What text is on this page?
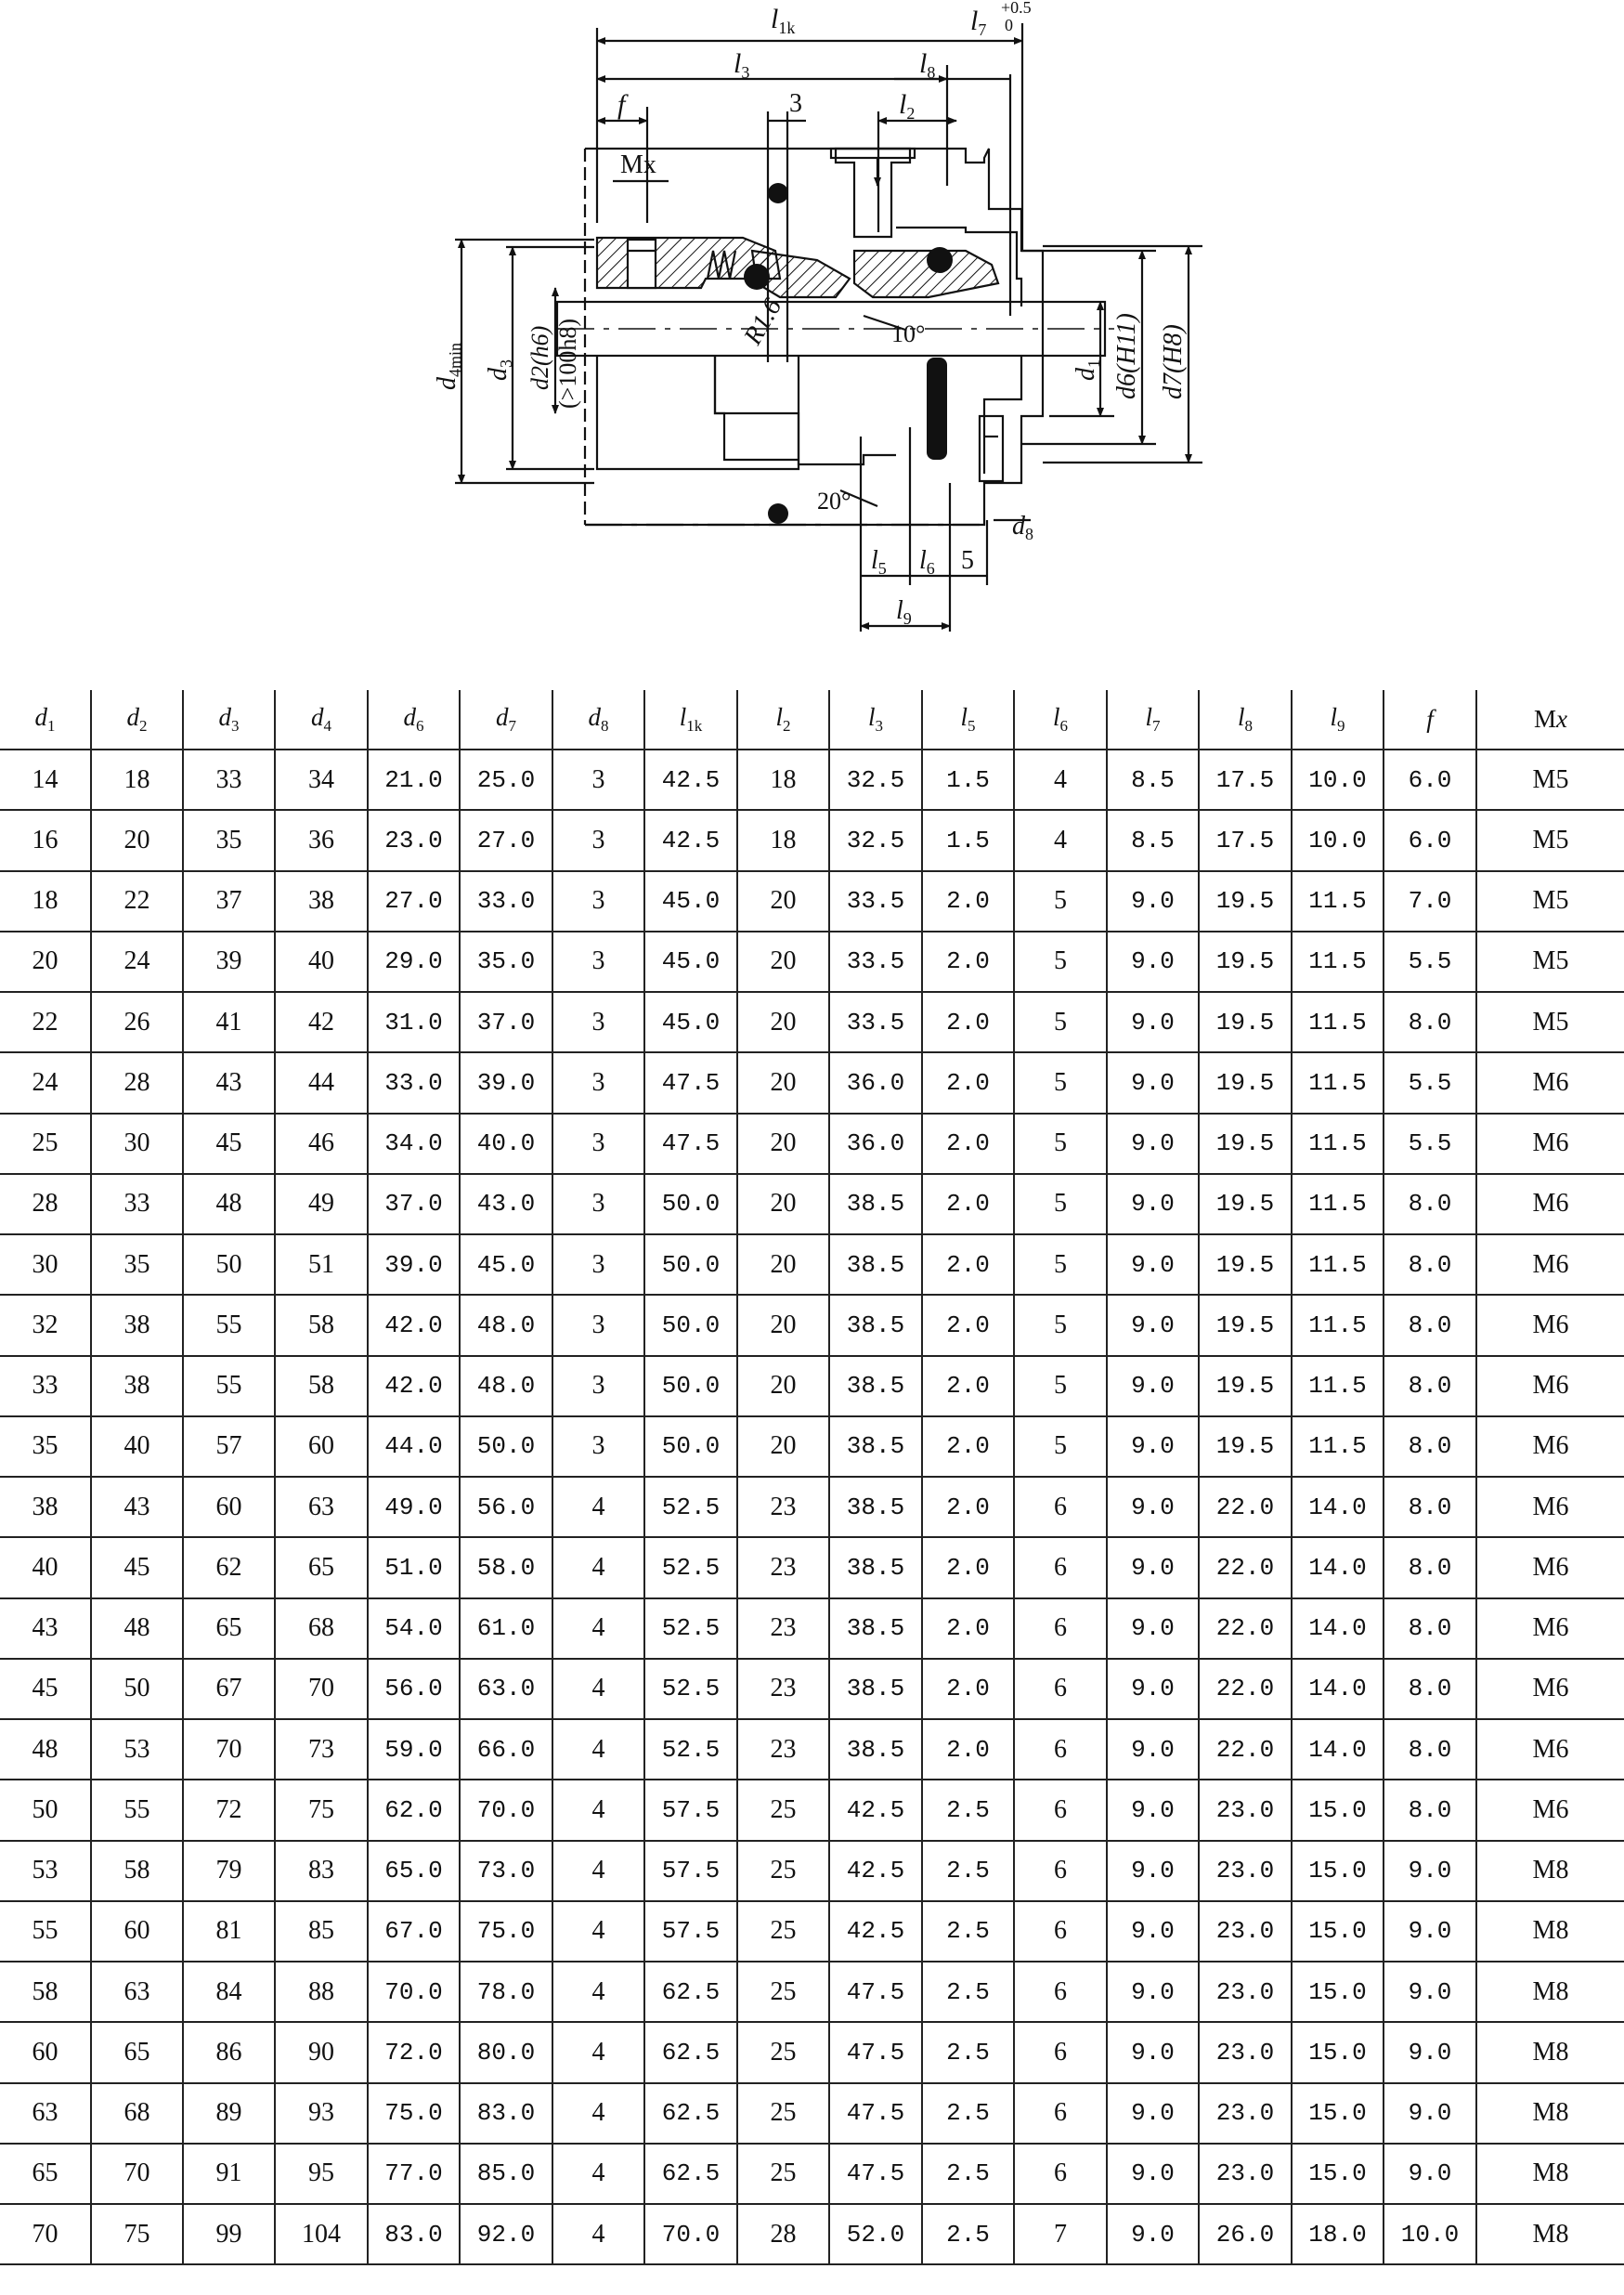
$l_{1k}$	$l_7$
+0.5
0
$l_3$	$l_8$
f	3	$l_2$
Mx
R1.6	10°
20°
$d_{4min}$ $d_3$ d2(h6) (>100h8)	$d_1$ d6(H11) d7(H8)
$d_8$
$l_5$ $l_6$ 5
$l_9$
$d_1$	$d_2$	$d_3$	$d_4$	$d_6$	$d_7$	$d_8$	$l_{1k}$	$l_2$	$l_3$	$l_5$	$l_6$	$l_7$	$l_8$	$l_9$	f	Mx
14	18	33	34	21.0	25.0	3	42.5	18	32.5	1.5	4	8.5	17.5	10.0	6.0	M5
16	20	35	36	23.0	27.0	3	42.5	18	32.5	1.5	4	8.5	17.5	10.0	6.0	M5
18	22	37	38	27.0	33.0	3	45.0	20	33.5	2.0	5	9.0	19.5	11.5	7.0	M5
20	24	39	40	29.0	35.0	3	45.0	20	33.5	2.0	5	9.0	19.5	11.5	5.5	M5
22	26	41	42	31.0	37.0	3	45.0	20	33.5	2.0	5	9.0	19.5	11.5	8.0	M5
24	28	43	44	33.0	39.0	3	47.5	20	36.0	2.0	5	9.0	19.5	11.5	5.5	M6
25	30	45	46	34.0	40.0	3	47.5	20	36.0	2.0	5	9.0	19.5	11.5	5.5	M6
28	33	48	49	37.0	43.0	3	50.0	20	38.5	2.0	5	9.0	19.5	11.5	8.0	M6
30	35	50	51	39.0	45.0	3	50.0	20	38.5	2.0	5	9.0	19.5	11.5	8.0	M6
32	38	55	58	42.0	48.0	3	50.0	20	38.5	2.0	5	9.0	19.5	11.5	8.0	M6
33	38	55	58	42.0	48.0	3	50.0	20	38.5	2.0	5	9.0	19.5	11.5	8.0	M6
35	40	57	60	44.0	50.0	3	50.0	20	38.5	2.0	5	9.0	19.5	11.5	8.0	M6
38	43	60	63	49.0	56.0	4	52.5	23	38.5	2.0	6	9.0	22.0	14.0	8.0	M6
40	45	62	65	51.0	58.0	4	52.5	23	38.5	2.0	6	9.0	22.0	14.0	8.0	M6
43	48	65	68	54.0	61.0	4	52.5	23	38.5	2.0	6	9.0	22.0	14.0	8.0	M6
45	50	67	70	56.0	63.0	4	52.5	23	38.5	2.0	6	9.0	22.0	14.0	8.0	M6
48	53	70	73	59.0	66.0	4	52.5	23	38.5	2.0	6	9.0	22.0	14.0	8.0	M6
50	55	72	75	62.0	70.0	4	57.5	25	42.5	2.5	6	9.0	23.0	15.0	8.0	M6
53	58	79	83	65.0	73.0	4	57.5	25	42.5	2.5	6	9.0	23.0	15.0	9.0	M8
55	60	81	85	67.0	75.0	4	57.5	25	42.5	2.5	6	9.0	23.0	15.0	9.0	M8
58	63	84	88	70.0	78.0	4	62.5	25	47.5	2.5	6	9.0	23.0	15.0	9.0	M8
60	65	86	90	72.0	80.0	4	62.5	25	47.5	2.5	6	9.0	23.0	15.0	9.0	M8
63	68	89	93	75.0	83.0	4	62.5	25	47.5	2.5	6	9.0	23.0	15.0	9.0	M8
65	70	91	95	77.0	85.0	4	62.5	25	47.5	2.5	6	9.0	23.0	15.0	9.0	M8
70	75	99	104	83.0	92.0	4	70.0	28	52.0	2.5	7	9.0	26.0	18.0	10.0	M8
